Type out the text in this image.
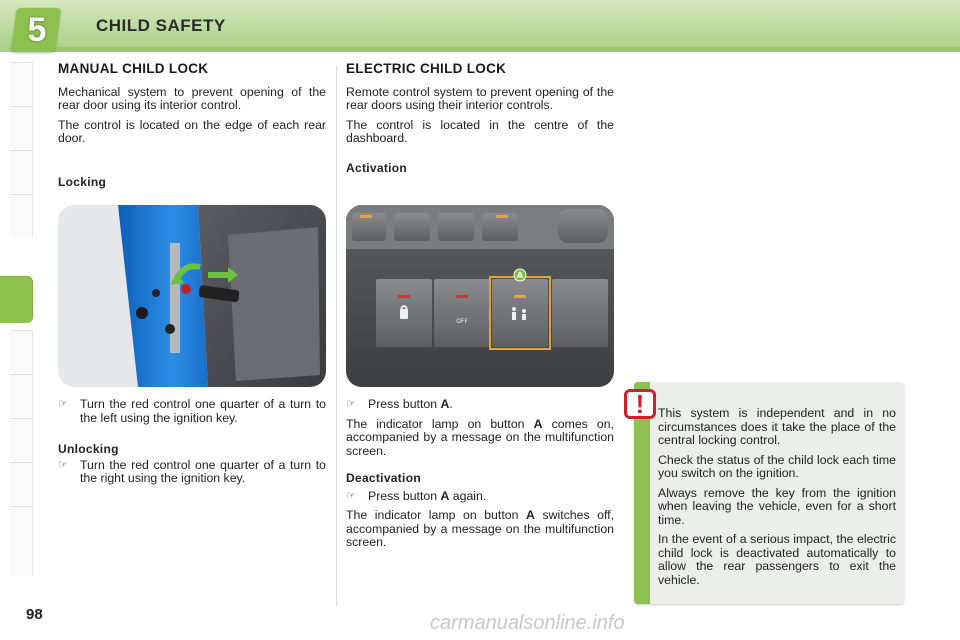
5	CHILD SAFETY
MANUAL CHILD LOCK

Mechanical system to prevent opening of the rear door using its interior control.

The control is located on the edge of each rear door.

Locking

☞ Turn the red control one quarter of a turn to the left using the ignition key.

Unlocking

☞ Turn the red control one quarter of a turn to the right using the ignition key.

ELECTRIC CHILD LOCK

Remote control system to prevent opening of the rear doors using their interior controls.

The control is located in the centre of the dashboard.

Activation
OFF
A

☞ Press button A.

The indicator lamp on button A comes on, accompanied by a message on the multifunction screen.

Deactivation

☞ Press button A again.

The indicator lamp on button A switches off, accompanied by a message on the multifunction screen.

!	This system is independent and in no circumstances does it take the place of the central locking control.

Check the status of the child lock each time you switch on the ignition.

Always remove the key from the ignition when leaving the vehicle, even for a short time.

In the event of a serious impact, the electric child lock is deactivated automatically to allow the rear passengers to exit the vehicle.

98	carmanualsonline.info
